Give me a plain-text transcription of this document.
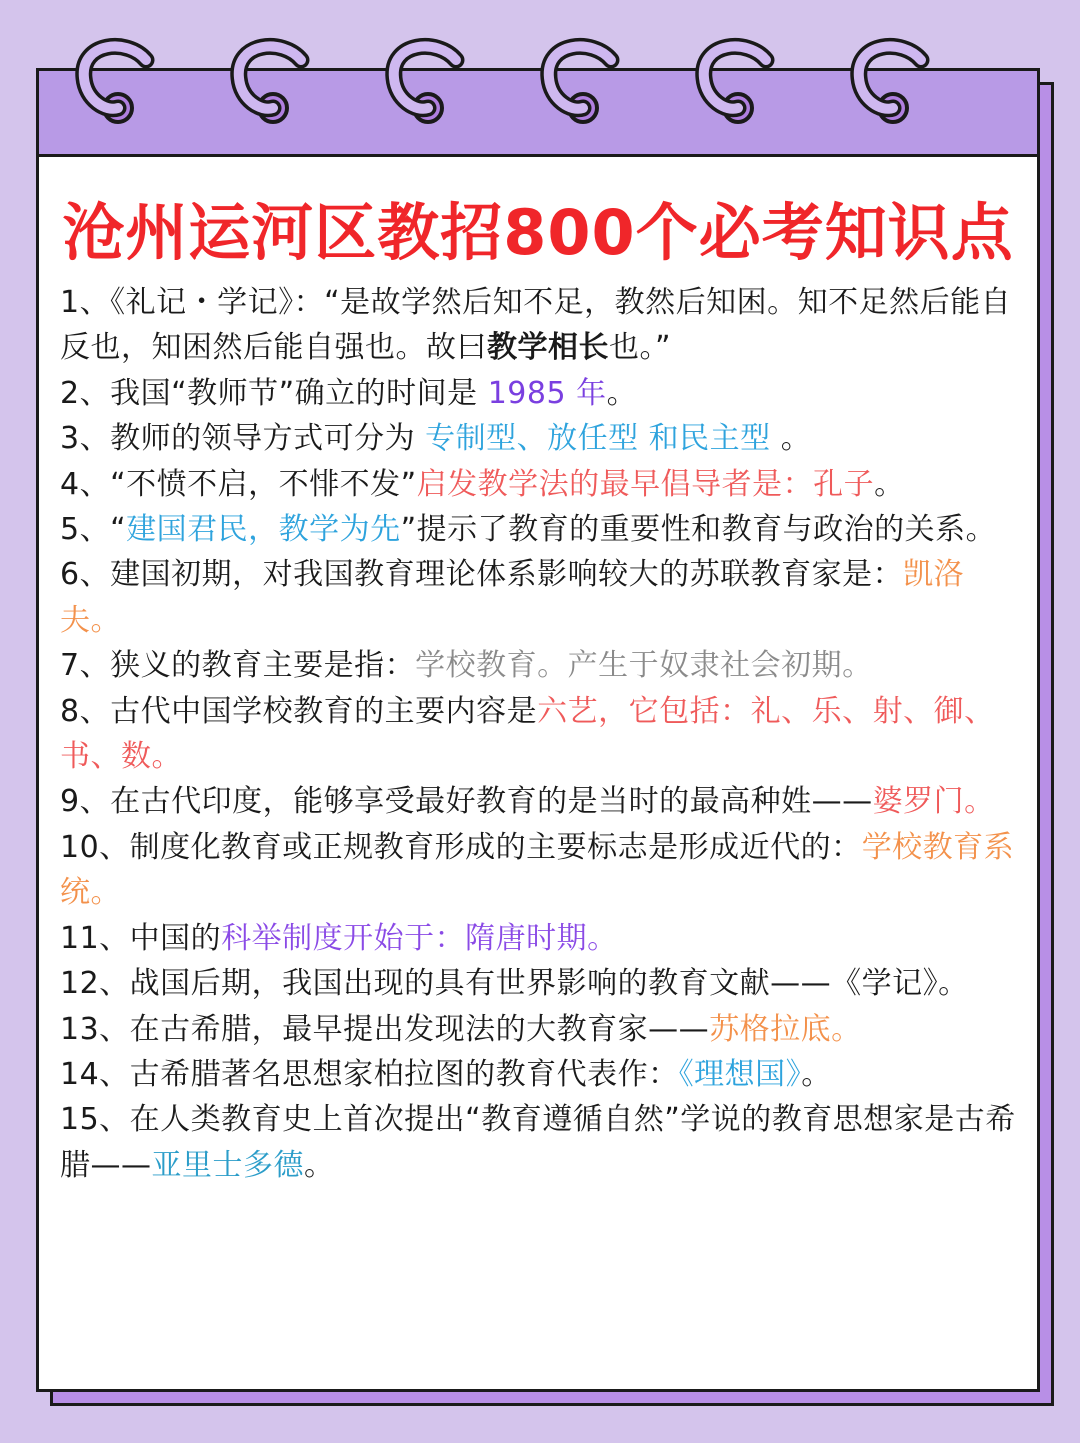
沧州运河区教招800个必考知识点

1、《礼记・学记》：“是故学然后知不足，教然后知困。知不足然后能自反也，知困然后能自强也。故曰教学相长也。”

2、我国“教师节”确立的时间是 1985 年。

3、教师的领导方式可分为 专制型、放任型 和民主型 。

4、“不愤不启，不悱不发”启发教学法的最早倡导者是：孔子。

5、“建国君民，教学为先”提示了教育的重要性和教育与政治的关系。

6、建国初期，对我国教育理论体系影响较大的苏联教育家是：凯洛夫。

7、狭义的教育主要是指：学校教育。产生于奴隶社会初期。

8、古代中国学校教育的主要内容是六艺，它包括：礼、乐、射、御、书、数。

9、在古代印度，能够享受最好教育的是当时的最高种姓——婆罗门。

10、制度化教育或正规教育形成的主要标志是形成近代的：学校教育系统。

11、中国的科举制度开始于：隋唐时期。

12、战国后期，我国出现的具有世界影响的教育文献——《学记》。

13、在古希腊，最早提出发现法的大教育家——苏格拉底。

14、古希腊著名思想家柏拉图的教育代表作：《理想国》。

15、在人类教育史上首次提出“教育遵循自然”学说的教育思想家是古希腊——亚里士多德。
